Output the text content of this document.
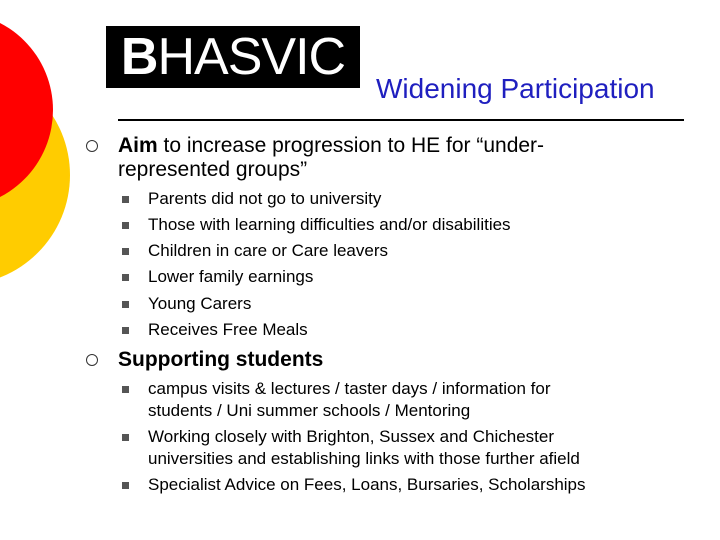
B HASVIC
Widening Participation
Aim to increase progression to HE for “under-
represented groups”
Parents did not go to university
Those with learning difficulties and/or disabilities
Children in care or Care leavers
Lower family earnings
Young Carers
Receives Free Meals
Supporting students
campus visits & lectures / taster days / information for
students / Uni summer schools / Mentoring
Working closely with Brighton, Sussex and Chichester
universities and establishing links with those further afield
Specialist Advice on Fees, Loans, Bursaries, Scholarships
